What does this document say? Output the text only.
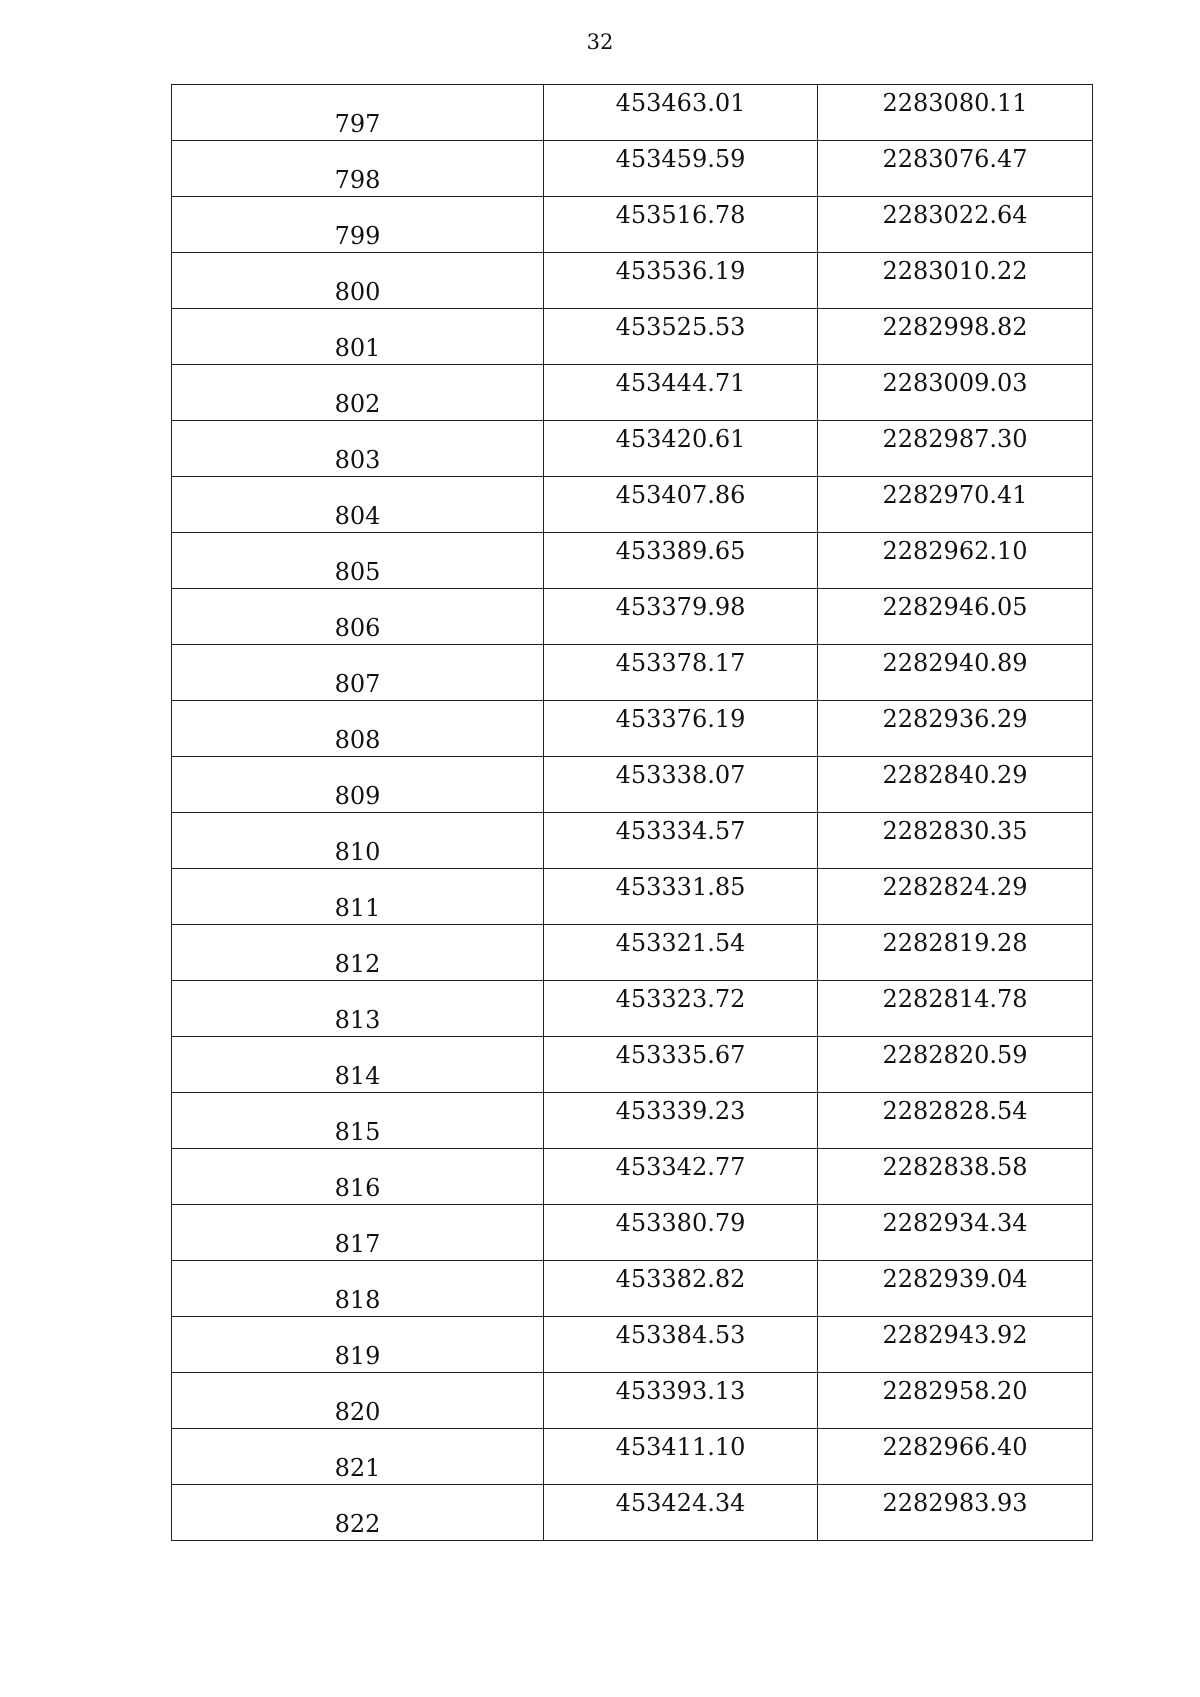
32
797	453463.01	2283080.11
798	453459.59	2283076.47
799	453516.78	2283022.64
800	453536.19	2283010.22
801	453525.53	2282998.82
802	453444.71	2283009.03
803	453420.61	2282987.30
804	453407.86	2282970.41
805	453389.65	2282962.10
806	453379.98	2282946.05
807	453378.17	2282940.89
808	453376.19	2282936.29
809	453338.07	2282840.29
810	453334.57	2282830.35
811	453331.85	2282824.29
812	453321.54	2282819.28
813	453323.72	2282814.78
814	453335.67	2282820.59
815	453339.23	2282828.54
816	453342.77	2282838.58
817	453380.79	2282934.34
818	453382.82	2282939.04
819	453384.53	2282943.92
820	453393.13	2282958.20
821	453411.10	2282966.40
822	453424.34	2282983.93
